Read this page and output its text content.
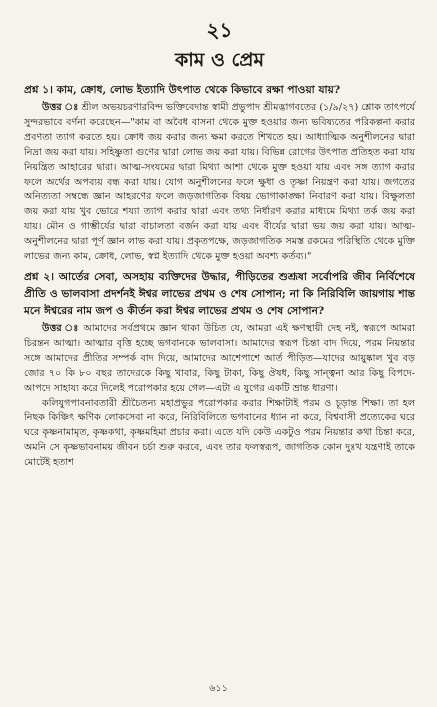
২১
কাম ও প্রেম
প্রশ্ন ১। কাম, ক্রোধ, লোভ ইত্যাদি উৎপাত থেকে কিভাবে রক্ষা পাওয়া যায়?

উত্তর ঃ শ্রীল অভয়চরণারবিন্দ ভক্তিবেদান্ত স্বামী প্রভুপাদ শ্রীমদ্ভাগবতের (১/৯/২৭) শ্লোক তাৎপর্যে সুন্দরভাবে বর্ণনা করেছেন—"কাম বা অবৈধ বাসনা থেকে মুক্ত হওয়ার জন্য ভবিষ্যতের পরিকল্পনা করার প্রবণতা ত্যাগ করতে হয়। ক্রোধ জয় করার জন্য ক্ষমা করতে শিখতে হয়। আধ্যাত্মিক অনুশীলনের দ্বারা নিদ্রা জয় করা যায়। সহিষ্ণুতা গুণের দ্বারা লোভ জয় করা যায়। বিভিন্ন রোগের উৎপাত প্রতিহত করা যায় নিয়ন্ত্রিত আহারের দ্বারা। আত্ম-সংযমের দ্বারা মিথ্যা আশা থেকে মুক্ত হওয়া যায় এবং সঙ্গ ত্যাগ করার ফলে অর্থের অপব্যয় বন্ধ করা যায়। যোগ অনুশীলনের ফলে ক্ষুধা ও তৃষ্ণা নিয়ন্ত্রণ করা যায়। জগতের অনিত্যতা সম্বন্ধে জ্ঞান আহরণের ফলে জড়জাগতিক বিষয় ভোগাকাঙ্ক্ষা নিবারণ করা যায়। বিক্ষুলতা জয় করা যায় খুব ভোরে শয্যা ত্যাগ করার দ্বারা এবং তথ্য নির্ধারণ করার মাধ্যমে মিথ্যা তর্ক জয় করা যায়। মৌন ও গাম্ভীর্যের দ্বারা বাচালতা বর্জন করা যায় এবং বীর্যের দ্বারা ভয় জয় করা যায়। আত্ম-অনুশীলনের দ্বারা পূর্ণ জ্ঞান লাভ করা যায়। প্রকৃতপক্ষে, জড়জাগতিক সমস্ত রকমের পরিস্থিতি থেকে মুক্তি লাভের জন্য কাম, ক্রোধ, লোভ, স্বপ্ন ইত্যাদি থেকে মুক্ত হওয়া অবশ্য কর্তব্য।"

প্রশ্ন ২। আর্তের সেবা, অসহায় ব্যক্তিদের উদ্ধার, পীড়িতের শুশ্রূষা সর্বোপরি জীব নির্বিশেষে প্রীতি ও ভালবাসা প্রদর্শনই ঈশ্বর লাভের প্রথম ও শেষ সোপান; না কি নিরিবিলি জায়গায় শান্ত মনে ঈশ্বরের নাম জপ ও কীর্তন করা ঈশ্বর লাভের প্রথম ও শেষ সোপান?

উত্তর ঃ আমাদের সর্বপ্রথমে জ্ঞান থাকা উচিত যে, আমরা এই ক্ষণস্থায়ী দেহ নই, স্বরূপে আমরা চিরন্তন আত্মা। আত্মার বৃত্তি হচ্ছে ভগবানকে ভালবাসা। আমাদের স্বরূপ চিন্তা বাদ দিয়ে, পরম নিয়ন্তার সঙ্গে আমাদের প্রীতির সম্পর্ক বাদ দিয়ে, আমাদের আশেপাশে আর্ত পীড়িত—যাদের আয়ুষ্কাল খুব বড় জোর ৭০ কি ৮০ বছর তাদেরকে কিছু খাবার, কিছু টাকা, কিছু ঔষধ, কিছু সান্ত্বনা আর কিছু বিপদে-আপদে সাহায্য করে দিলেই পরোপকার হয়ে গেল—এটা এ যুগের একটি ভ্রান্ত ধারণা।

কলিযুগপাবনাবতারী শ্রীচৈতন্য মহাপ্রভুর পরোপকার করার শিক্ষাটাই পরম ও চূড়ান্ত শিক্ষা। তা হল নিছক কিঞ্চিৎ ক্ষণিক লোকসেবা না করে, নিরিবিলিতে ভগবানের ধ্যান না করে, বিশ্ববাসী প্রত্যেকের ঘরে ঘরে কৃষ্ণনামামৃত, কৃষ্ণকথা, কৃষ্ণমহিমা প্রচার করা। এতে যদি কেউ একটুও পরম নিয়ন্তার কথা চিন্তা করে, অমনি সে কৃষ্ণভাবনাময় জীবন চর্চা শুরু করবে, এবং তার ফলস্বরূপ, জাগতিক কোন দুঃখ যন্ত্রণাই তাকে মোটেই হতাশ

৬১১
